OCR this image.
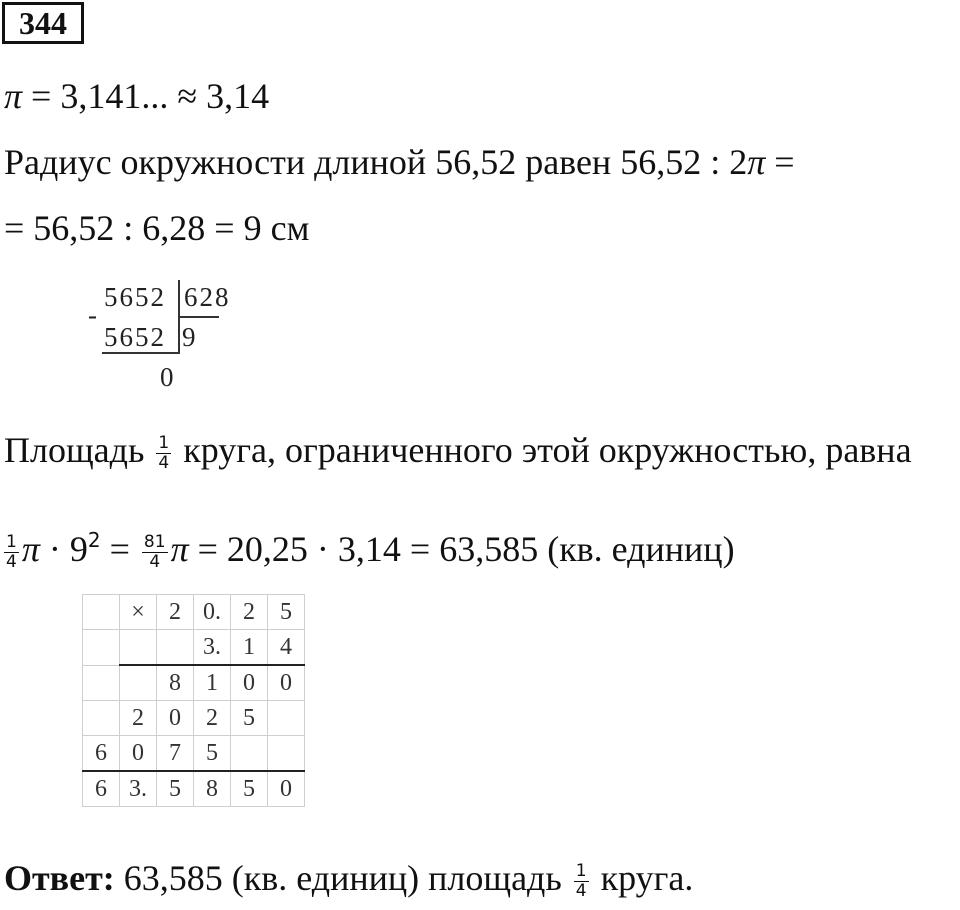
344
π = 3,141... ≈ 3,14
Радиус окружности длиной 56,52 равен 56,52 : 2π =
= 56,52 : 6,28 = 9 см
5652 628
-
5652 9
0
Площадь $\frac{1}{4}$ круга, ограниченного этой окружностью, равна
$\frac{1}{4}$ $\pi \cdot 9^2 = \frac{81}{4}$ π = 20,25 · 3,14 = 63,585 (кв. единиц)
	×	2	0.	2	5
			3.	1	4
		8	1	0	0
	2	0	2	5	
6	0	7	5		
6	3.	5	8	5	0
Ответ: 63,585 (кв. единиц) площадь $\frac{1}{4}$ круга.
